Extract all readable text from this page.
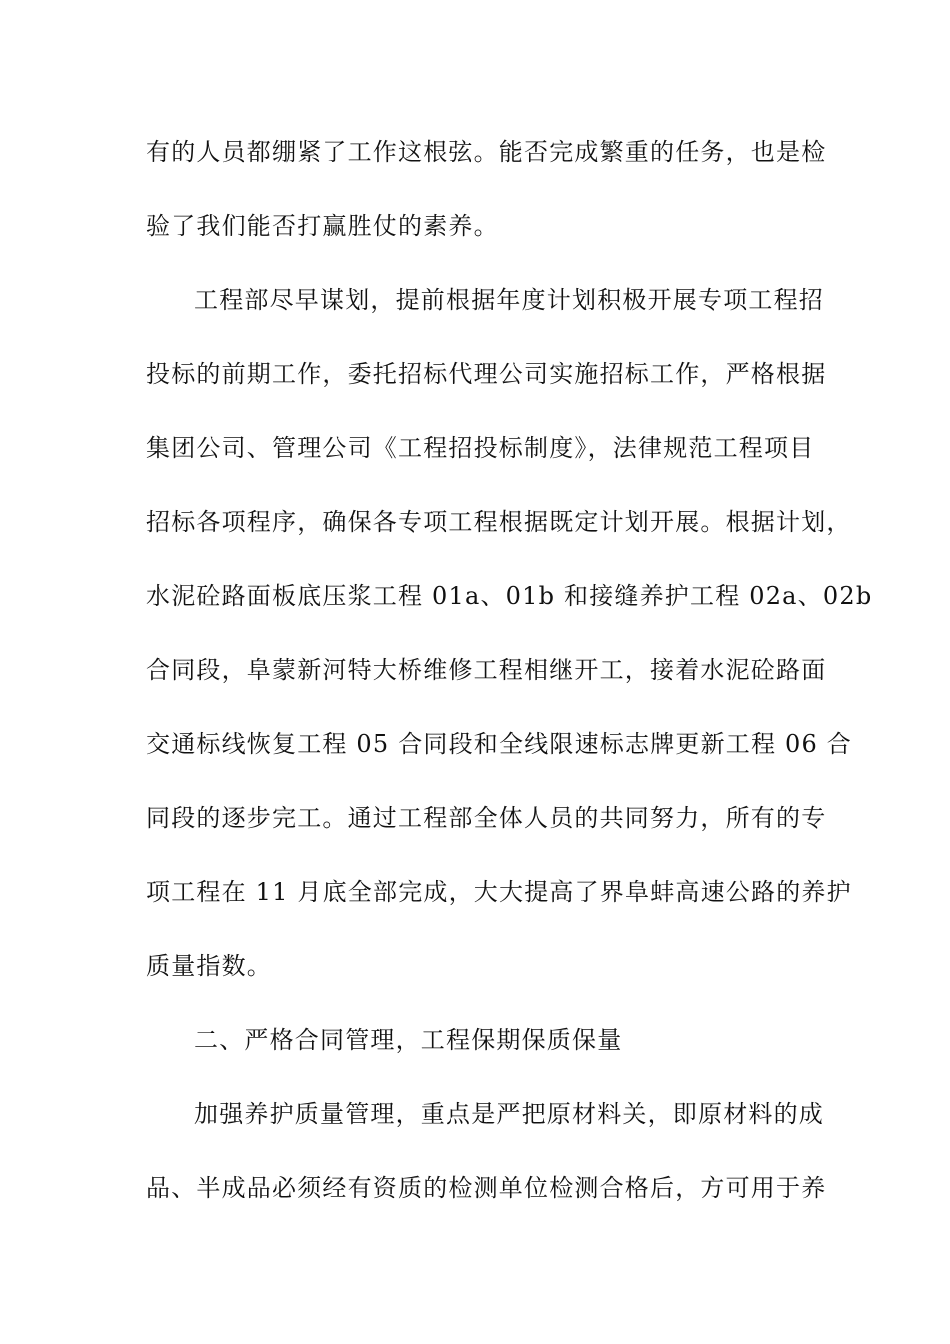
有的人员都绷紧了工作这根弦。能否完成繁重的任务，也是检
验了我们能否打赢胜仗的素养。
工程部尽早谋划，提前根据年度计划积极开展专项工程招
投标的前期工作，委托招标代理公司实施招标工作，严格根据
集团公司、管理公司《工程招投标制度》，法律规范工程项目
招标各项程序，确保各专项工程根据既定计划开展。根据计划，
水泥砼路面板底压浆工程 01a、01b 和接缝养护工程 02a、02b
合同段，阜蒙新河特大桥维修工程相继开工，接着水泥砼路面
交通标线恢复工程 05 合同段和全线限速标志牌更新工程 06 合
同段的逐步完工。通过工程部全体人员的共同努力，所有的专
项工程在 11 月底全部完成，大大提高了界阜蚌高速公路的养护
质量指数。
二、严格合同管理，工程保期保质保量
加强养护质量管理，重点是严把原材料关，即原材料的成
品、半成品必须经有资质的检测单位检测合格后，方可用于养
